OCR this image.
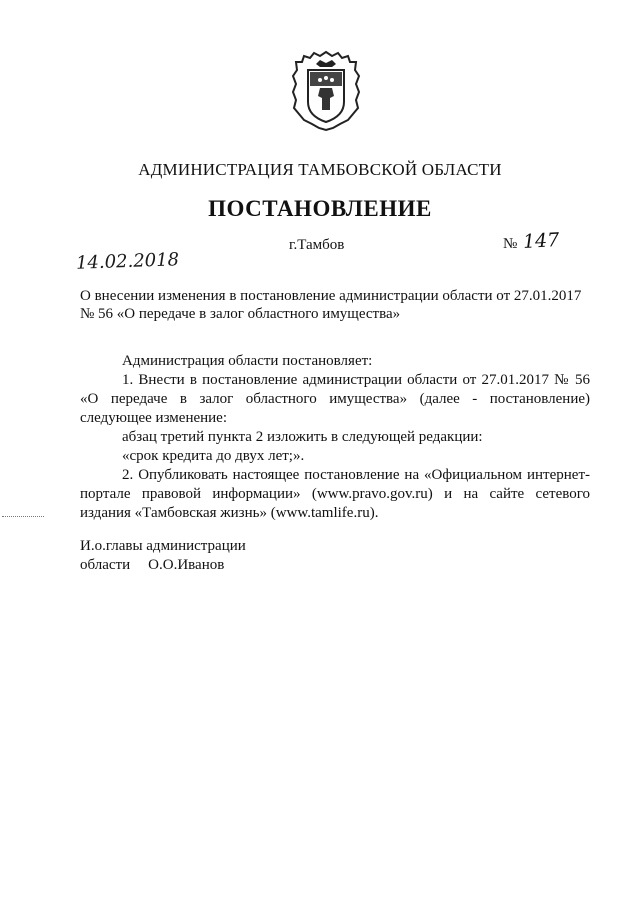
АДМИНИСТРАЦИЯ ТАМБОВСКОЙ ОБЛАСТИ
ПОСТАНОВЛЕНИЕ
14.02.2018
г.Тамбов	№ 147
О внесении изменения в постановление администрации области от 27.01.2017 № 56 «О передаче в залог областного имущества»

Администрация области постановляет:

1. Внести в постановление администрации области от 27.01.2017 № 56 «О передаче в залог областного имущества» (далее - постановление) следующее изменение:

абзац третий пункта 2 изложить в следующей редакции:

«срок кредита до двух лет;».

2. Опубликовать настоящее постановление на «Официальном интернет-портале правовой информации» (www.pravo.gov.ru) и на сайте сетевого издания «Тамбовская жизнь» (www.tamlife.ru).

И.о.главы администрации
области О.О.Иванов
